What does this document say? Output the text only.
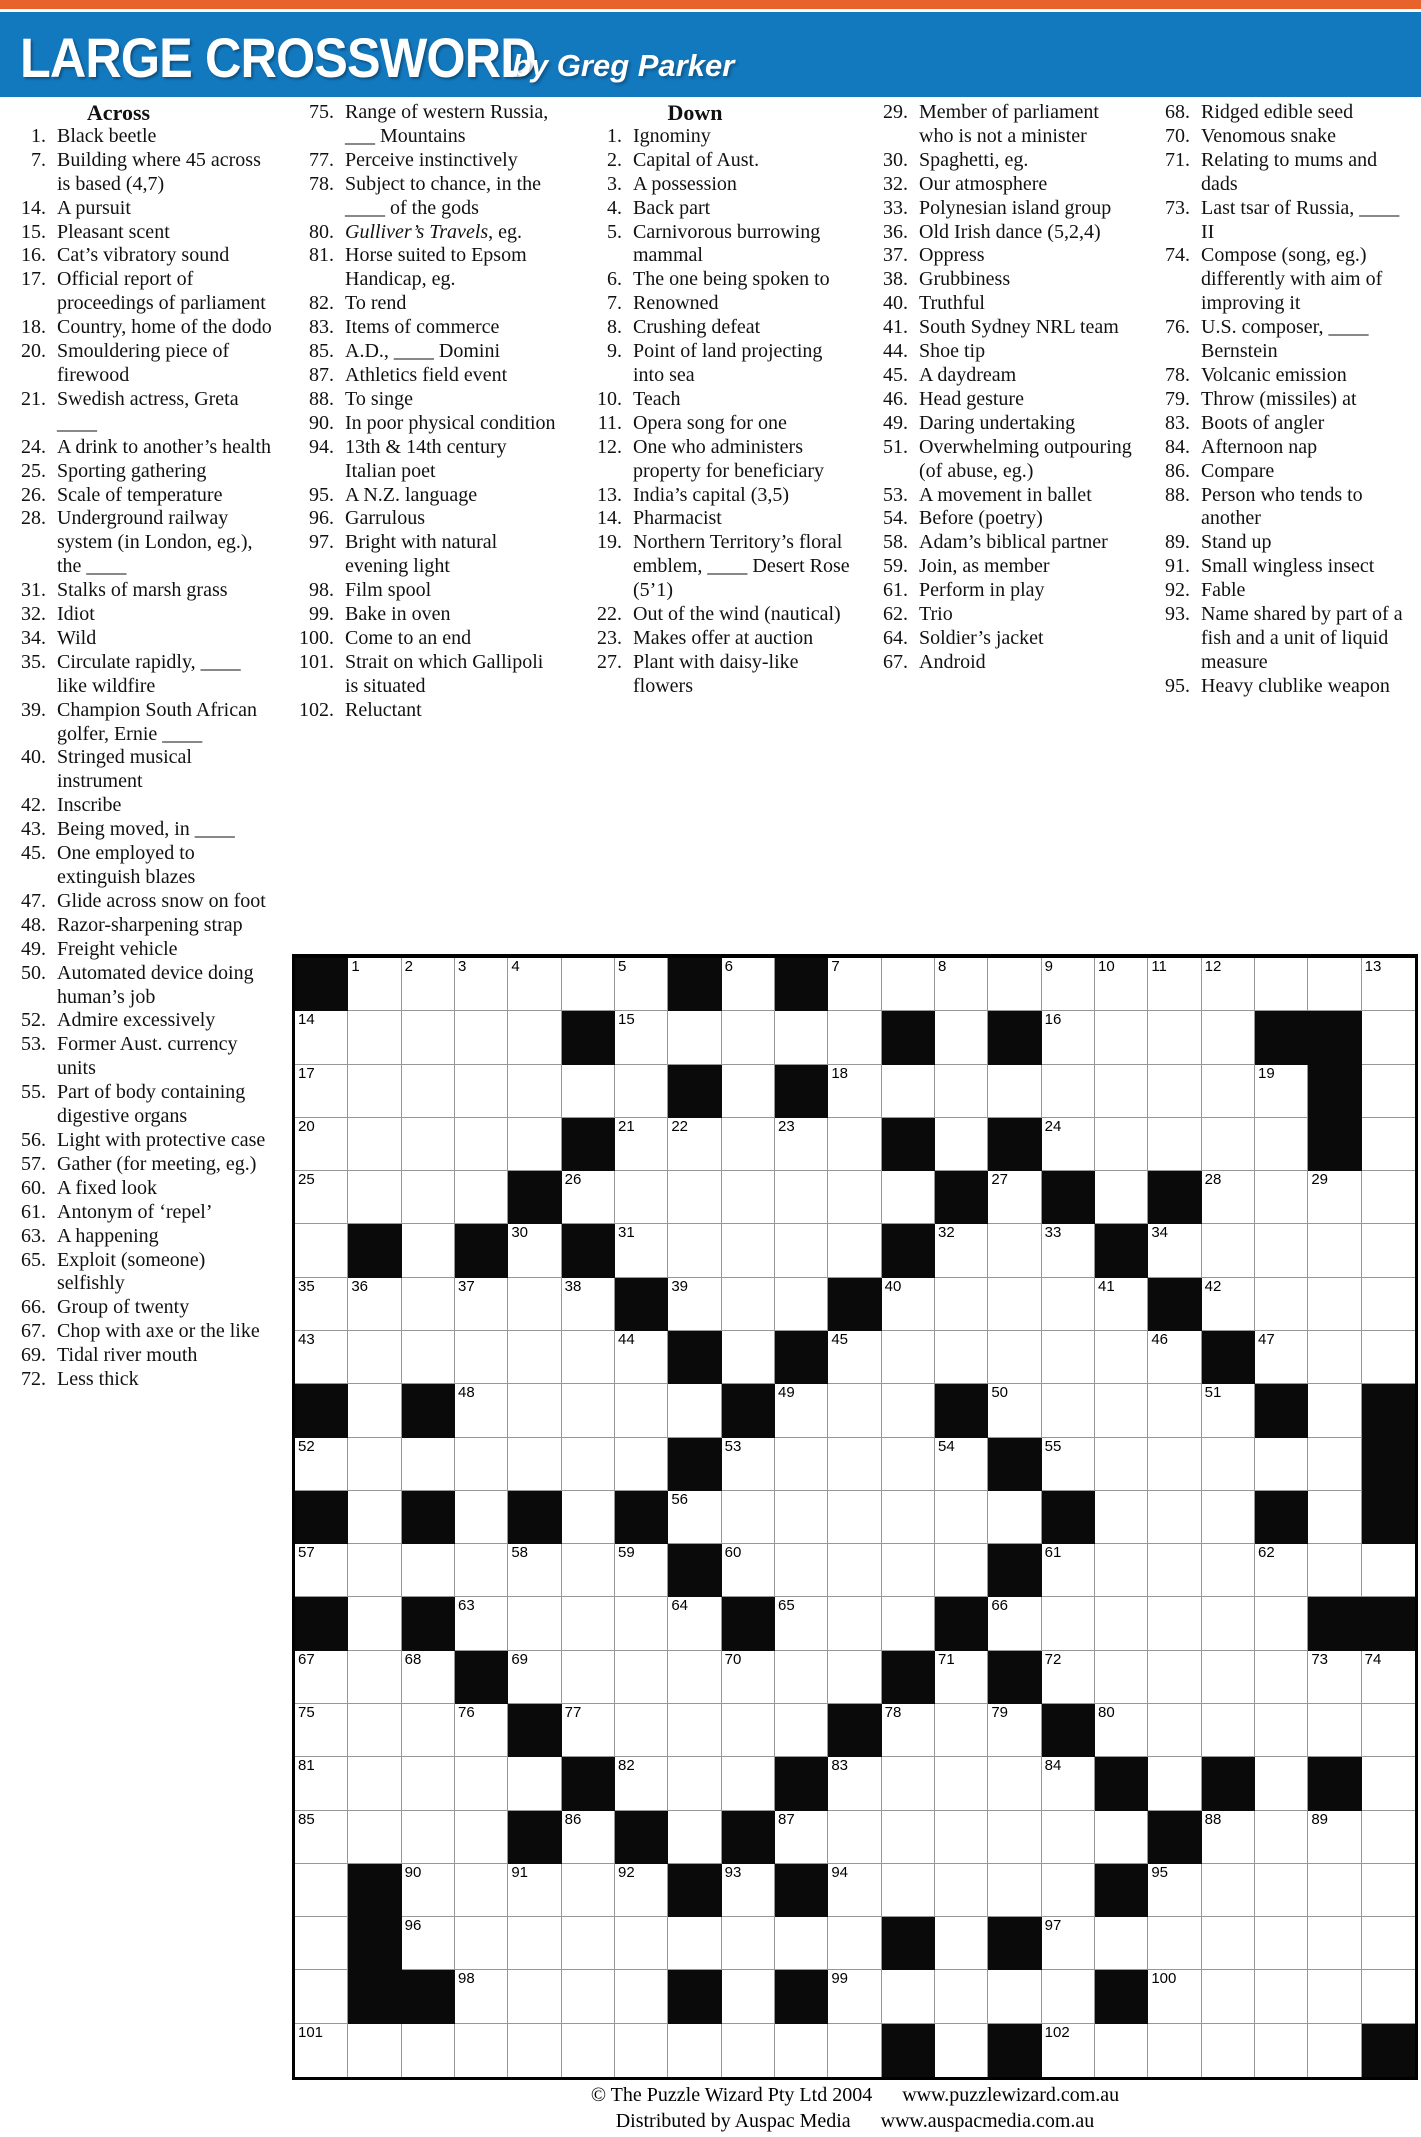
LARGE CROSSWORD
by Greg Parker
Across
1. Black beetle
7. Building where 45 across is based (4,7)
14. A pursuit
15. Pleasant scent
16. Cat’s vibratory sound
17. Official report of proceedings of parliament
18. Country, home of the dodo
20. Smouldering piece of firewood
21. Swedish actress, Greta ____
24. A drink to another’s health
25. Sporting gathering
26. Scale of temperature
28. Underground railway system (in London, eg.), the ____
31. Stalks of marsh grass
32. Idiot
34. Wild
35. Circulate rapidly, ____ like wildfire
39. Champion South African golfer, Ernie ____
40. Stringed musical instrument
42. Inscribe
43. Being moved, in ____
45. One employed to extinguish blazes
47. Glide across snow on foot
48. Razor-sharpening strap
49. Freight vehicle
50. Automated device doing human’s job
52. Admire excessively
53. Former Aust. currency units
55. Part of body containing digestive organs
56. Light with protective case
57. Gather (for meeting, eg.)
60. A fixed look
61. Antonym of ‘repel’
63. A happening
65. Exploit (someone) selfishly
66. Group of twenty
67. Chop with axe or the like
69. Tidal river mouth
72. Less thick
75. Range of western Russia, ___ Mountains
77. Perceive instinctively
78. Subject to chance, in the ____ of the gods
80. Gulliver’s Travels, eg.
81. Horse suited to Epsom Handicap, eg.
82. To rend
83. Items of commerce
85. A.D., ____ Domini
87. Athletics field event
88. To singe
90. In poor physical condition
94. 13th & 14th century Italian poet
95. A N.Z. language
96. Garrulous
97. Bright with natural evening light
98. Film spool
99. Bake in oven
100. Come to an end
101. Strait on which Gallipoli is situated
102. Reluctant
Down
1. Ignominy
2. Capital of Aust.
3. A possession
4. Back part
5. Carnivorous burrowing mammal
6. The one being spoken to
7. Renowned
8. Crushing defeat
9. Point of land projecting into sea
10. Teach
11. Opera song for one
12. One who administers property for beneficiary
13. India’s capital (3,5)
14. Pharmacist
19. Northern Territory’s floral emblem, ____ Desert Rose (5’1)
22. Out of the wind (nautical)
23. Makes offer at auction
27. Plant with daisy-like flowers
29. Member of parliament who is not a minister
30. Spaghetti, eg.
32. Our atmosphere
33. Polynesian island group
36. Old Irish dance (5,2,4)
37. Oppress
38. Grubbiness
40. Truthful
41. South Sydney NRL team
44. Shoe tip
45. A daydream
46. Head gesture
49. Daring undertaking
51. Overwhelming outpouring (of abuse, eg.)
53. A movement in ballet
54. Before (poetry)
58. Adam’s biblical partner
59. Join, as member
61. Perform in play
62. Trio
64. Soldier’s jacket
67. Android
68. Ridged edible seed
70. Venomous snake
71. Relating to mums and dads
73. Last tsar of Russia, ____ II
74. Compose (song, eg.) differently with aim of improving it
76. U.S. composer, ____ Bernstein
78. Volcanic emission
79. Throw (missiles) at
83. Boots of angler
84. Afternoon nap
86. Compare
88. Person who tends to another
89. Stand up
91. Small wingless insect
92. Fable
93. Name shared by part of a fish and a unit of liquid measure
95. Heavy clublike weapon
1	2	3	4	5	6	7	8	9	10 11	12	13
14	15	16
17	18	19
20	21 22	23	24
25	26	27	28	29
30	31	32	33	34
35 36	37	38	39	40	41	42
43	44	45	46	47
48	49	50	51
52	53	54	55
56
57	58	59	60	61	62
63	64	65	66
67	68	69	70	71	72	73 74
75	76	77	78	79	80
81	82	83	84
85	86	87	88	89
90	91	92	93	94	95
96	97
98	99	100
101	102
© The Puzzle Wizard Pty Ltd 2004 www.puzzlewizard.com.au
Distributed by Auspac Media www.auspacmedia.com.au
